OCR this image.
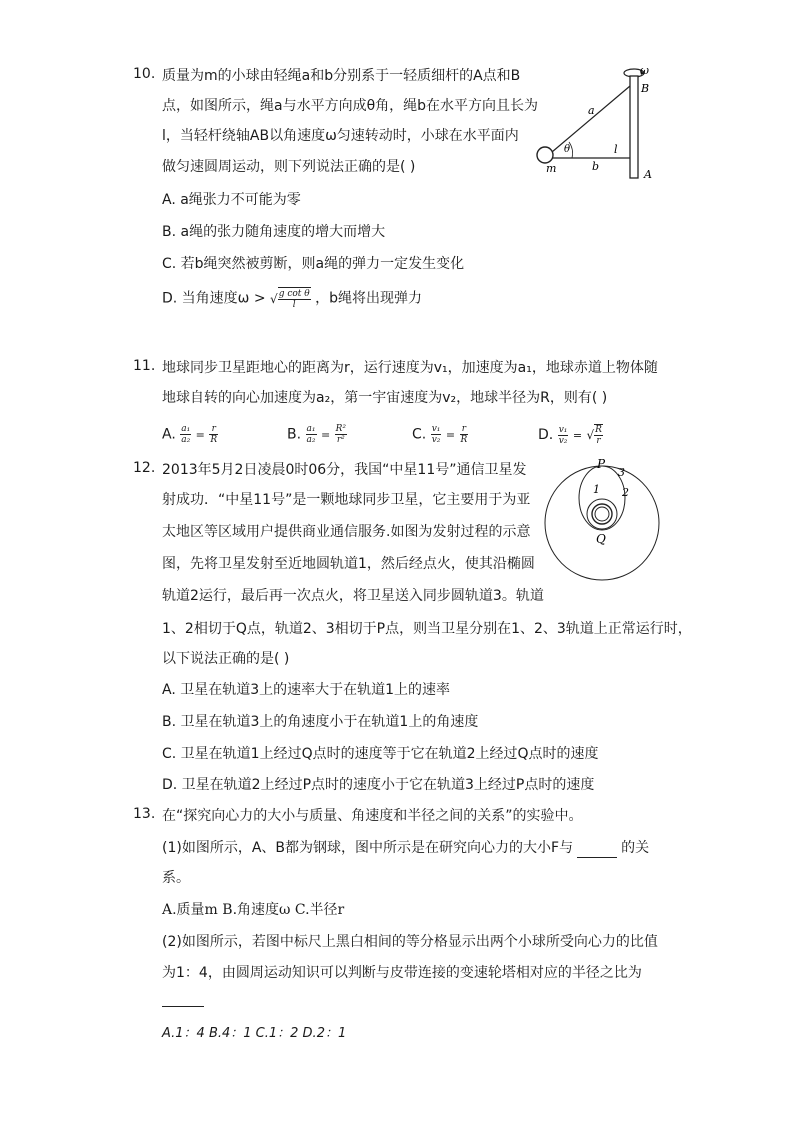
10. 质量为m的小球由轻绳a和b分别系于一轻质细杆的A点和B
点，如图所示，绳a与水平方向成θ角，绳b在水平方向且长为
l，当轻杆绕轴AB以角速度ω匀速转动时，小球在水平面内
做匀速圆周运动，则下列说法正确的是( )
A. a绳张力不可能为零
B. a绳的张力随角速度的增大而增大
C. 若b绳突然被剪断，则a绳的弹力一定发生变化
D. 当角速度ω > √ $\frac{\text{g cot θ}}{l}$ ，b绳将出现弹力
ω
B
a
θ	l
b
m	A
11. 地球同步卫星距地心的距离为r，运行速度为v₁，加速度为a₁，地球赤道上物体随
地球自转的向心加速度为a₂，第一宇宙速度为v₂，地球半径为R，则有( )
A. $\frac{\text{a₁}}{\text{a₂}} = \frac{r}{R}$	B. $\frac{\text{a₁}}{\text{a₂}} = \frac{\text{R²}}{\text{r²}}$	C. $\frac{\text{v₁}}{\text{v₂}} = \frac{r}{R}$	D. $\frac{\text{v₁}}{\text{v₂}}$ = √ $\frac{R}{r}$
12. 2013年5月2日凌晨0时06分，我国“中星11号”通信卫星发
射成功．“中星11号”是一颗地球同步卫星，它主要用于为亚
太地区等区域用户提供商业通信服务.如图为发射过程的示意
图，先将卫星发射至近地圆轨道1，然后经点火，使其沿椭圆
轨道2运行，最后再一次点火，将卫星送入同步圆轨道3。轨道
1、2相切于Q点，轨道2、3相切于P点，则当卫星分别在1、2、3轨道上正常运行时，
以下说法正确的是( )
A. 卫星在轨道3上的速率大于在轨道1上的速率
B. 卫星在轨道3上的角速度小于在轨道1上的角速度
C. 卫星在轨道1上经过Q点时的速度等于它在轨道2上经过Q点时的速度
D. 卫星在轨道2上经过P点时的速度小于它在轨道3上经过P点时的速度
P
Q
1 2
3
13. 在“探究向心力的大小与质量、角速度和半径之间的关系”的实验中。
(1)如图所示，A、B都为钢球，图中所示是在研究向心力的大小F与	的关
系。
A.质量m B.角速度ω C.半径r
(2)如图所示，若图中标尺上黑白相间的等分格显示出两个小球所受向心力的比值
为1：4，由圆周运动知识可以判断与皮带连接的变速轮塔相对应的半径之比为
A.1：4 B.4：1 C.1：2 D.2：1
